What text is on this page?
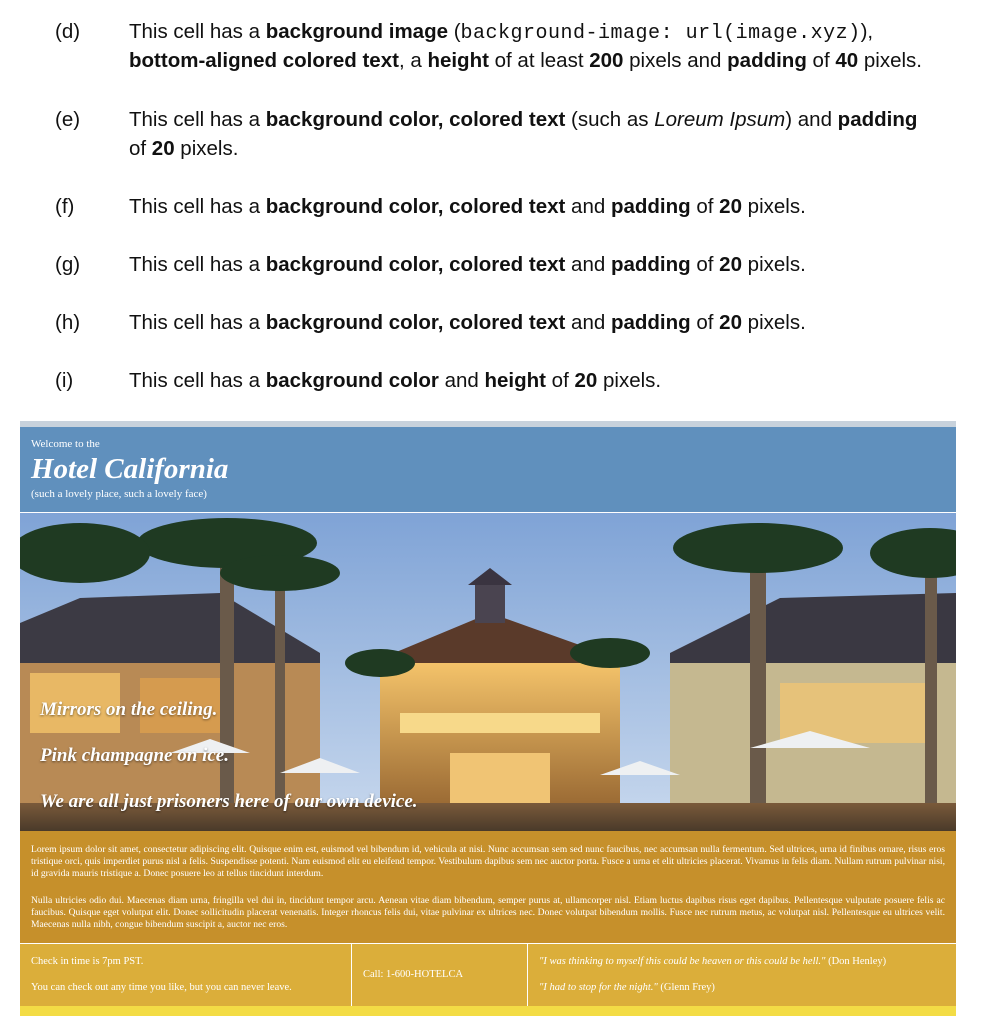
(d) This cell has a background image (background-image: url(image.xyz)),
bottom-aligned colored text, a height of at least 200 pixels and padding of 40 pixels.
(e) This cell has a background color, colored text (such as Loreum Ipsum) and padding
of 20 pixels.
(f)	This cell has a background color, colored text and padding of 20 pixels.
(g) This cell has a background color, colored text and padding of 20 pixels.
(h) This cell has a background color, colored text and padding of 20 pixels.
(i)	This cell has a background color and height of 20 pixels.
Welcome to the
Hotel California
(such a lovely place, such a lovely face)
Mirrors on the ceiling.
Pink champagne on ice.
We are all just prisoners here of our own device.

Lorem ipsum dolor sit amet, consectetur adipiscing elit. Quisque enim est, euismod vel bibendum id, vehicula at nisi. Nunc accumsan sem sed nunc faucibus, nec accumsan nulla fermentum. Sed ultrices, urna id finibus ornare, risus eros tristique orci, quis imperdiet purus nisl a felis. Suspendisse potenti. Nam euismod elit eu eleifend tempor. Vestibulum dapibus sem nec auctor porta. Fusce a urna et elit ultricies placerat. Vivamus in felis diam. Nullam rutrum pulvinar nisi, id gravida mauris tristique a. Donec posuere leo at tellus tincidunt interdum.

Nulla ultricies odio dui. Maecenas diam urna, fringilla vel dui in, tincidunt tempor arcu. Aenean vitae diam bibendum, semper purus at, ullamcorper nisl. Etiam luctus dapibus risus eget dapibus. Pellentesque vulputate posuere felis ac faucibus. Quisque eget volutpat elit. Donec sollicitudin placerat venenatis. Integer rhoncus felis dui, vitae pulvinar ex ultrices nec. Donec volutpat bibendum mollis. Fusce nec rutrum metus, ac volutpat nisl. Pellentesque eu ultrices velit. Maecenas nulla nibh, congue bibendum suscipit a, auctor nec eros.

Check in time is 7pm PST.
You can check out any time you like, but you can never leave.
Call: 1-600-HOTELCA
"I was thinking to myself this could be heaven or this could be hell." (Don Henley)
"I had to stop for the night." (Glenn Frey)
